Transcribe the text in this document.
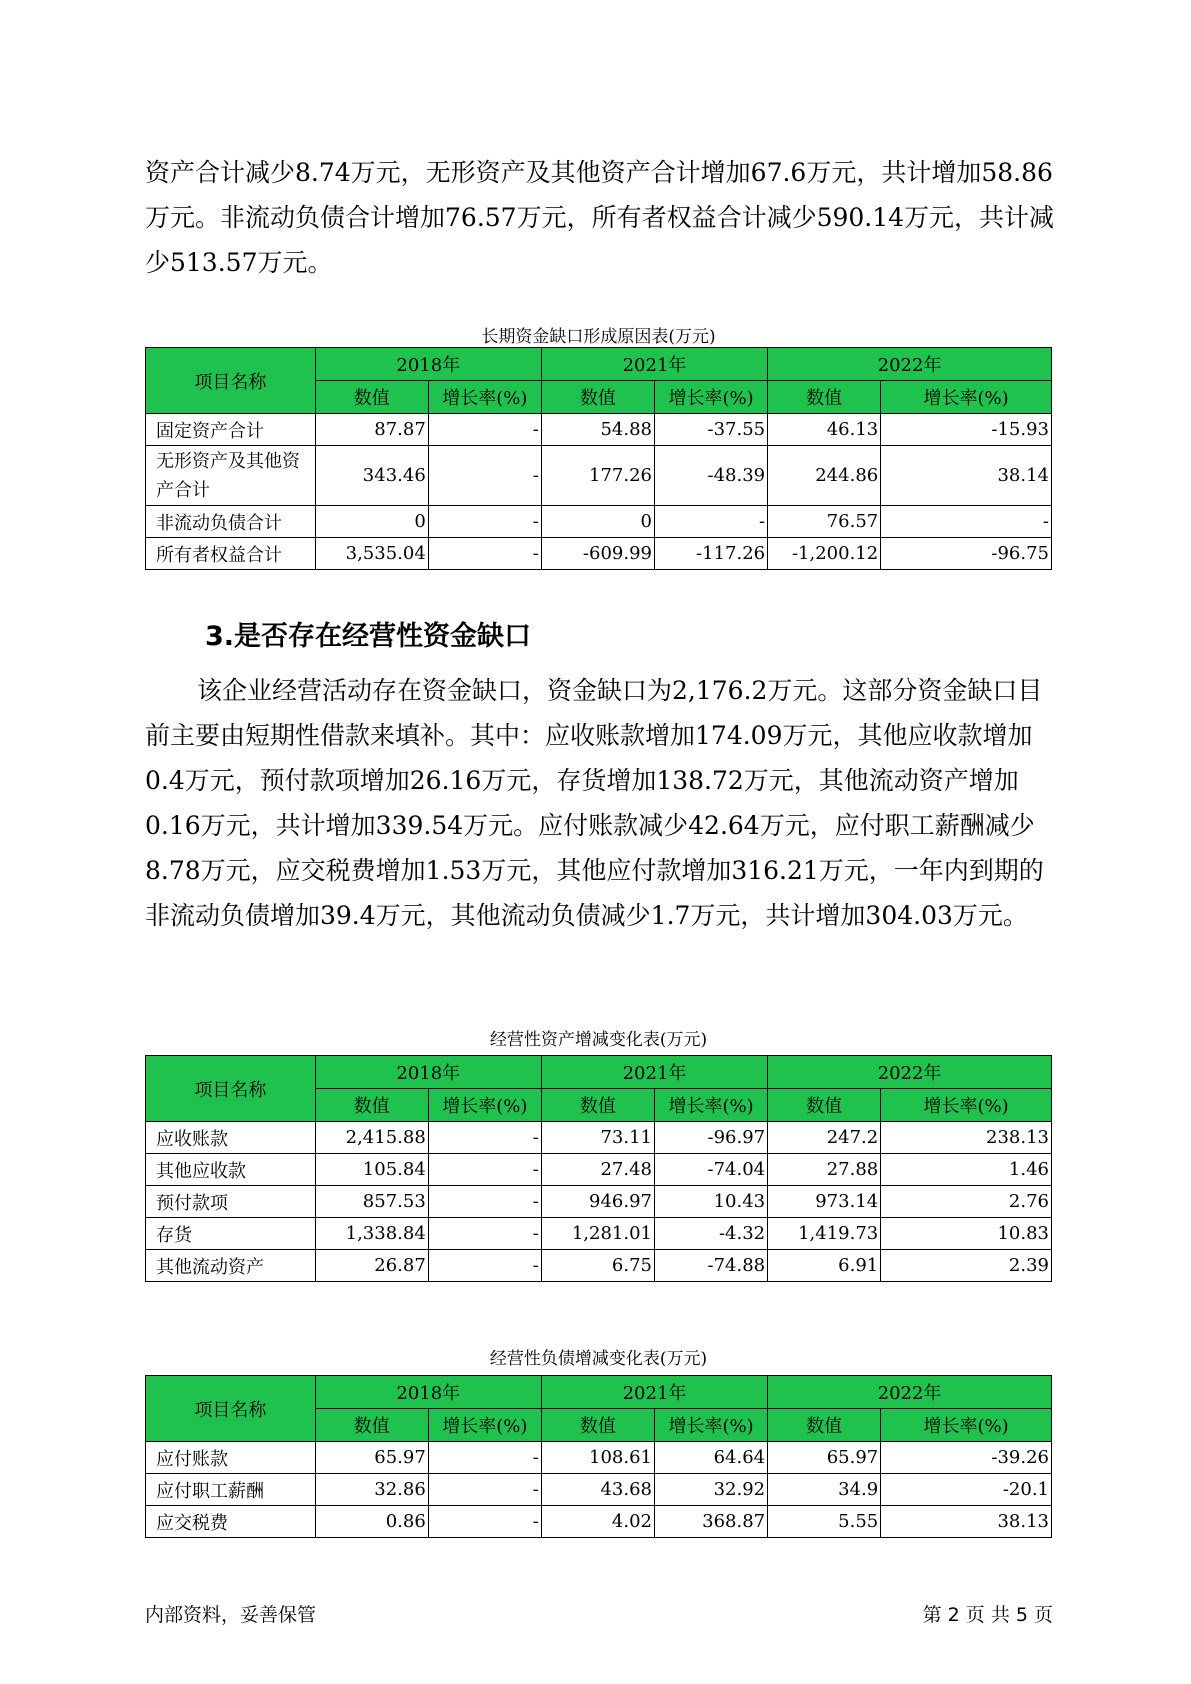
资产合计减少8.74万元，无形资产及其他资产合计增加67.6万元，共计增加58.86万元。非流动负债合计增加76.57万元，所有者权益合计减少590.14万元，共计减少513.57万元。

长期资金缺口形成原因表(万元)

项目名称	2018年		2021年		2022年	
	数值	增长率(%)	数值	增长率(%)	数值	增长率(%)
固定资产合计	87.87	-	54.88	-37.55	46.13	-15.93
无形资产及其他资产合计	343.46	-	177.26	-48.39	244.86	38.14
非流动负债合计	0	-	0	-	76.57	-
所有者权益合计	3,535.04	-	-609.99	-117.26	-1,200.12	-96.75
3.是否存在经营性资金缺口

该企业经营活动存在资金缺口，资金缺口为2,176.2万元。这部分资金缺口目前主要由短期性借款来填补。其中：应收账款增加174.09万元，其他应收款增加0.4万元，预付款项增加26.16万元，存货增加138.72万元，其他流动资产增加0.16万元，共计增加339.54万元。应付账款减少42.64万元，应付职工薪酬减少8.78万元，应交税费增加1.53万元，其他应付款增加316.21万元，一年内到期的非流动负债增加39.4万元，其他流动负债减少1.7万元，共计增加304.03万元。

经营性资产增减变化表(万元)

项目名称	2018年		2021年		2022年	
	数值	增长率(%)	数值	增长率(%)	数值	增长率(%)
应收账款	2,415.88	-	73.11	-96.97	247.2	238.13
其他应收款	105.84	-	27.48	-74.04	27.88	1.46
预付款项	857.53	-	946.97	10.43	973.14	2.76
存货	1,338.84	-	1,281.01	-4.32	1,419.73	10.83
其他流动资产	26.87	-	6.75	-74.88	6.91	2.39

经营性负债增减变化表(万元)

项目名称	2018年		2021年		2022年	
	数值	增长率(%)	数值	增长率(%)	数值	增长率(%)
应付账款	65.97	-	108.61	64.64	65.97	-39.26
应付职工薪酬	32.86	-	43.68	32.92	34.9	-20.1
应交税费	0.86	-	4.02	368.87	5.55	38.13

内部资料，妥善保管	第 2 页 共 5 页
